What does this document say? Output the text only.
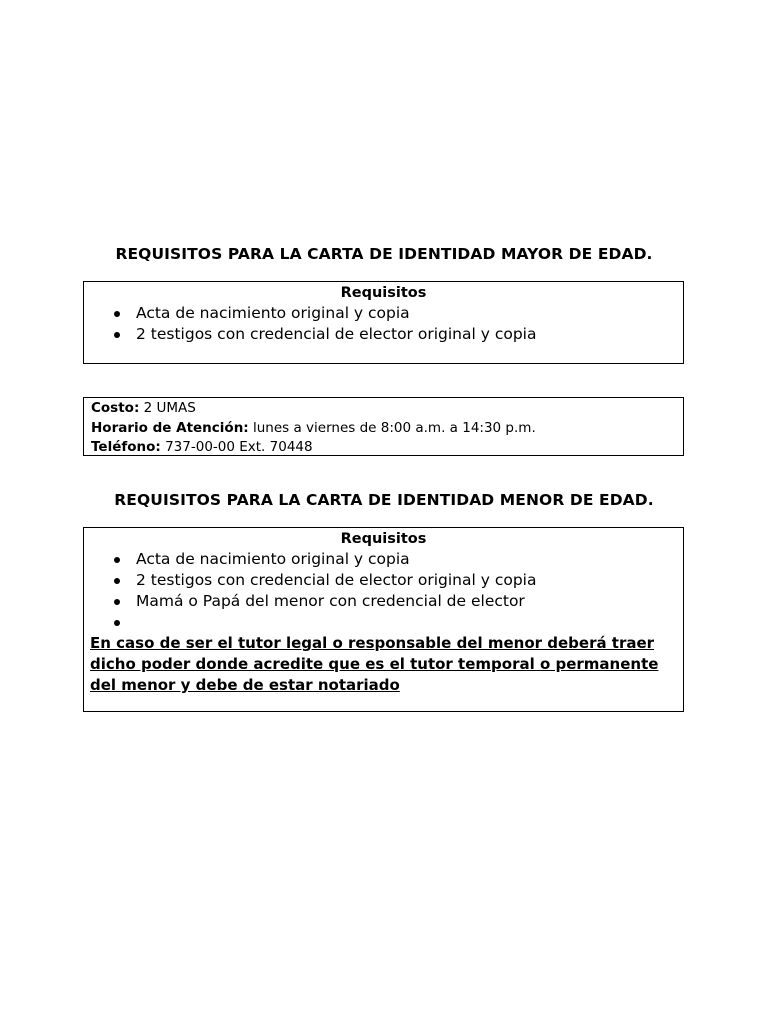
REQUISITOS PARA LA CARTA DE IDENTIDAD MAYOR DE EDAD.
Requisitos
Acta de nacimiento original y copia
2 testigos con credencial de elector original y copia
Costo: 2 UMAS
Horario de Atención: lunes a viernes de 8:00 a.m. a 14:30 p.m.
Teléfono: 737-00-00 Ext. 70448
REQUISITOS PARA LA CARTA DE IDENTIDAD MENOR DE EDAD.
Requisitos
Acta de nacimiento original y copia
2 testigos con credencial de elector original y copia
Mamá o Papá del menor con credencial de elector
En caso de ser el tutor legal o responsable del menor deberá traer dicho poder donde acredite que es el tutor temporal o permanente del menor y debe de estar notariado
